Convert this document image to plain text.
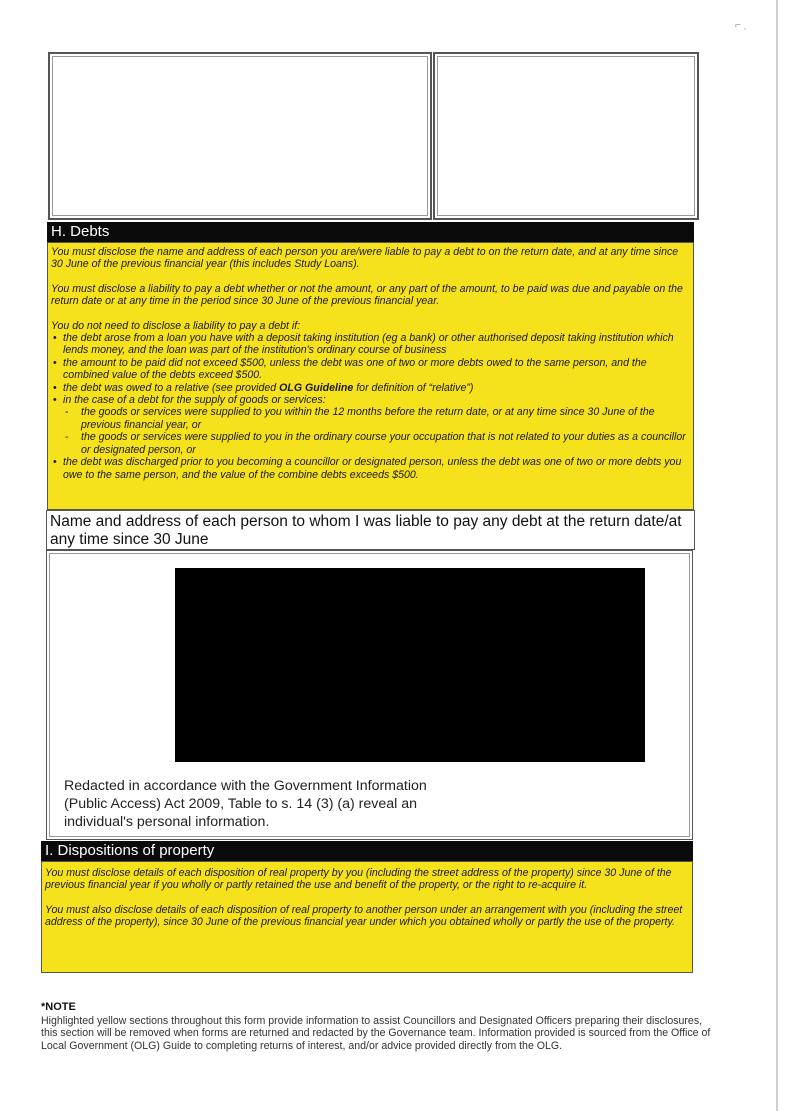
⌐ ˎ
H. Debts

You must disclose the name and address of each person you are/were liable to pay a debt to on the return date, and at any time since 30 June of the previous financial year (this includes Study Loans).

You must disclose a liability to pay a debt whether or not the amount, or any part of the amount, to be paid was due and payable on the return date or at any time in the period since 30 June of the previous financial year.

You do not need to disclose a liability to pay a debt if:
• the debt arose from a loan you have with a deposit taking institution (eg a bank) or other authorised deposit taking institution which lends money, and the loan was part of the institution's ordinary course of business
• the amount to be paid did not exceed $500, unless the debt was one of two or more debts owed to the same person, and the combined value of the debts exceed $500.
• the debt was owed to a relative (see provided OLG Guideline for definition of “relative”)
• in the case of a debt for the supply of goods or services:
- the goods or services were supplied to you within the 12 months before the return date, or at any time since 30 June of the previous financial year, or
- the goods or services were supplied to you in the ordinary course your occupation that is not related to your duties as a councillor or designated person, or
• the debt was discharged prior to you becoming a councillor or designated person, unless the debt was one of two or more debts you owe to the same person, and the value of the combine debts exceeds $500.
Name and address of each person to whom I was liable to pay any debt at the return date/at any time since 30 June
Redacted in accordance with the Government Information (Public Access) Act 2009, Table to s. 14 (3) (a) reveal an individual's personal information.
I. Dispositions of property

You must disclose details of each disposition of real property by you (including the street address of the property) since 30 June of the previous financial year if you wholly or partly retained the use and benefit of the property, or the right to re-acquire it.

You must also disclose details of each disposition of real property to another person under an arrangement with you (including the street address of the property), since 30 June of the previous financial year under which you obtained wholly or partly the use of the property.

*NOTE
Highlighted yellow sections throughout this form provide information to assist Councillors and Designated Officers preparing their disclosures, this section will be removed when forms are returned and redacted by the Governance team. Information provided is sourced from the Office of Local Government (OLG) Guide to completing returns of interest, and/or advice provided directly from the OLG.
